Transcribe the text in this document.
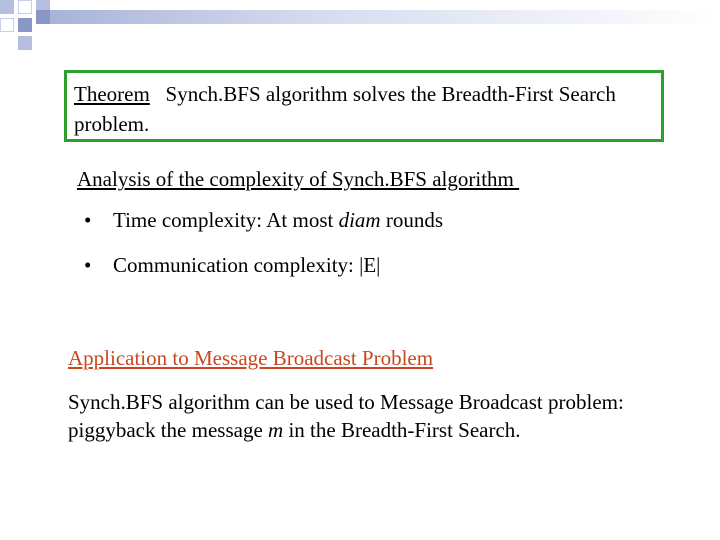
Theorem Synch.BFS algorithm solves the Breadth-First Search problem.
Analysis of the complexity of Synch.BFS algorithm
• Time complexity: At most diam rounds
• Communication complexity: |E|
Application to Message Broadcast Problem
Synch.BFS algorithm can be used to Message Broadcast problem: piggyback the message m in the Breadth-First Search.
